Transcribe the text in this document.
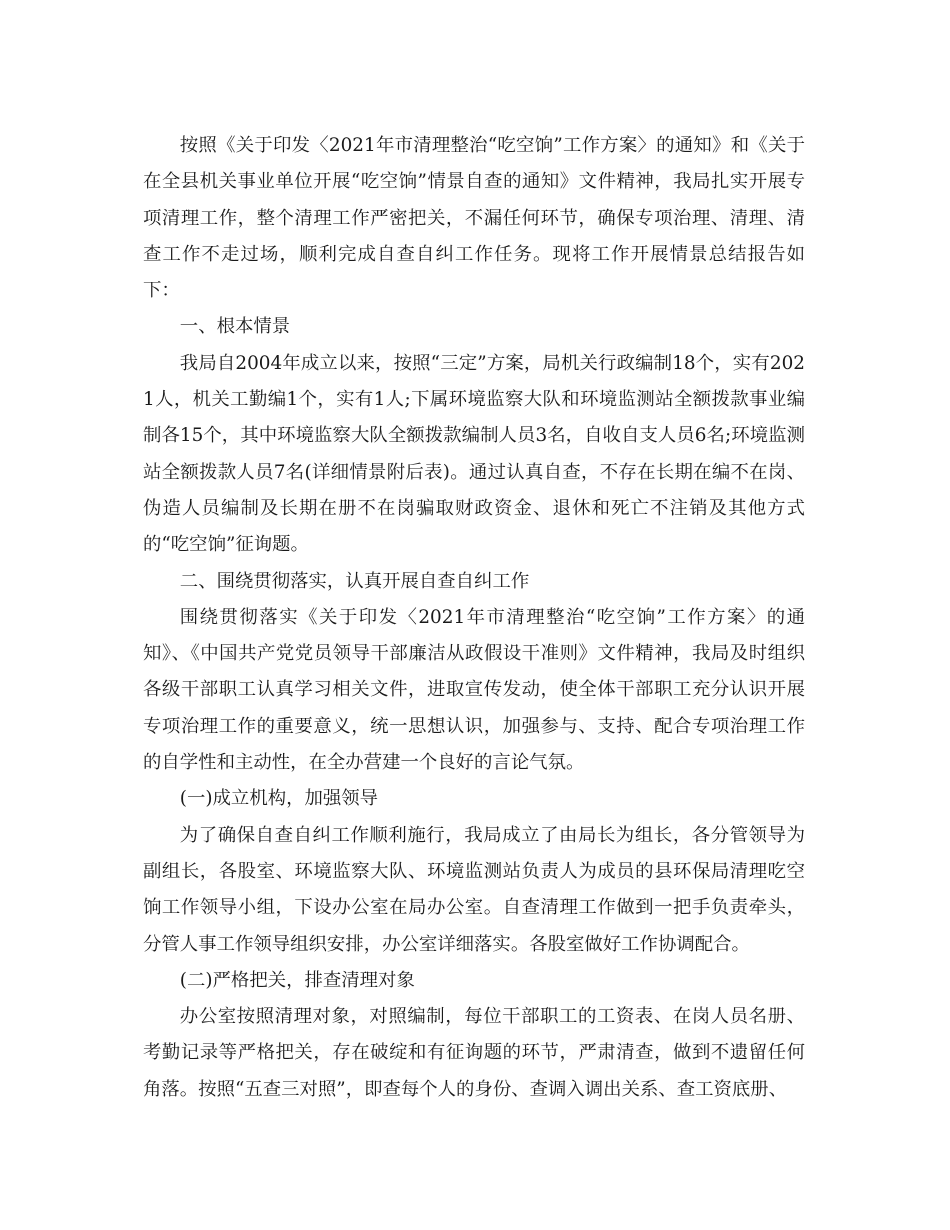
按照《关于印发〈2021年市清理整治“吃空饷”工作方案〉的通知》和《关于在全县机关事业单位开展“吃空饷”情景自查的通知》文件精神，我局扎实开展专项清理工作，整个清理工作严密把关，不漏任何环节，确保专项治理、清理、清查工作不走过场，顺利完成自查自纠工作任务。现将工作开展情景总结报告如下：

一、根本情景

我局自2004年成立以来，按照“三定”方案，局机关行政编制18个，实有2021人，机关工勤编1个，实有1人;下属环境监察大队和环境监测站全额拨款事业编制各15个，其中环境监察大队全额拨款编制人员3名，自收自支人员6名;环境监测站全额拨款人员7名(详细情景附后表)。通过认真自查，不存在长期在编不在岗、伪造人员编制及长期在册不在岗骗取财政资金、退休和死亡不注销及其他方式的“吃空饷”征询题。

二、围绕贯彻落实，认真开展自查自纠工作

围绕贯彻落实《关于印发〈2021年市清理整治“吃空饷”工作方案〉的通知》、《中国共产党党员领导干部廉洁从政假设干准则》文件精神，我局及时组织各级干部职工认真学习相关文件，进取宣传发动，使全体干部职工充分认识开展专项治理工作的重要意义，统一思想认识，加强参与、支持、配合专项治理工作的自学性和主动性，在全办营建一个良好的言论气氛。

(一)成立机构，加强领导

为了确保自查自纠工作顺利施行，我局成立了由局长为组长，各分管领导为副组长，各股室、环境监察大队、环境监测站负责人为成员的县环保局清理吃空饷工作领导小组，下设办公室在局办公室。自查清理工作做到一把手负责牵头，分管人事工作领导组织安排，办公室详细落实。各股室做好工作协调配合。

(二)严格把关，排查清理对象

办公室按照清理对象，对照编制，每位干部职工的工资表、在岗人员名册、考勤记录等严格把关，存在破绽和有征询题的环节，严肃清查，做到不遗留任何角落。按照“五查三对照”，即查每个人的身份、查调入调出关系、查工资底册、
